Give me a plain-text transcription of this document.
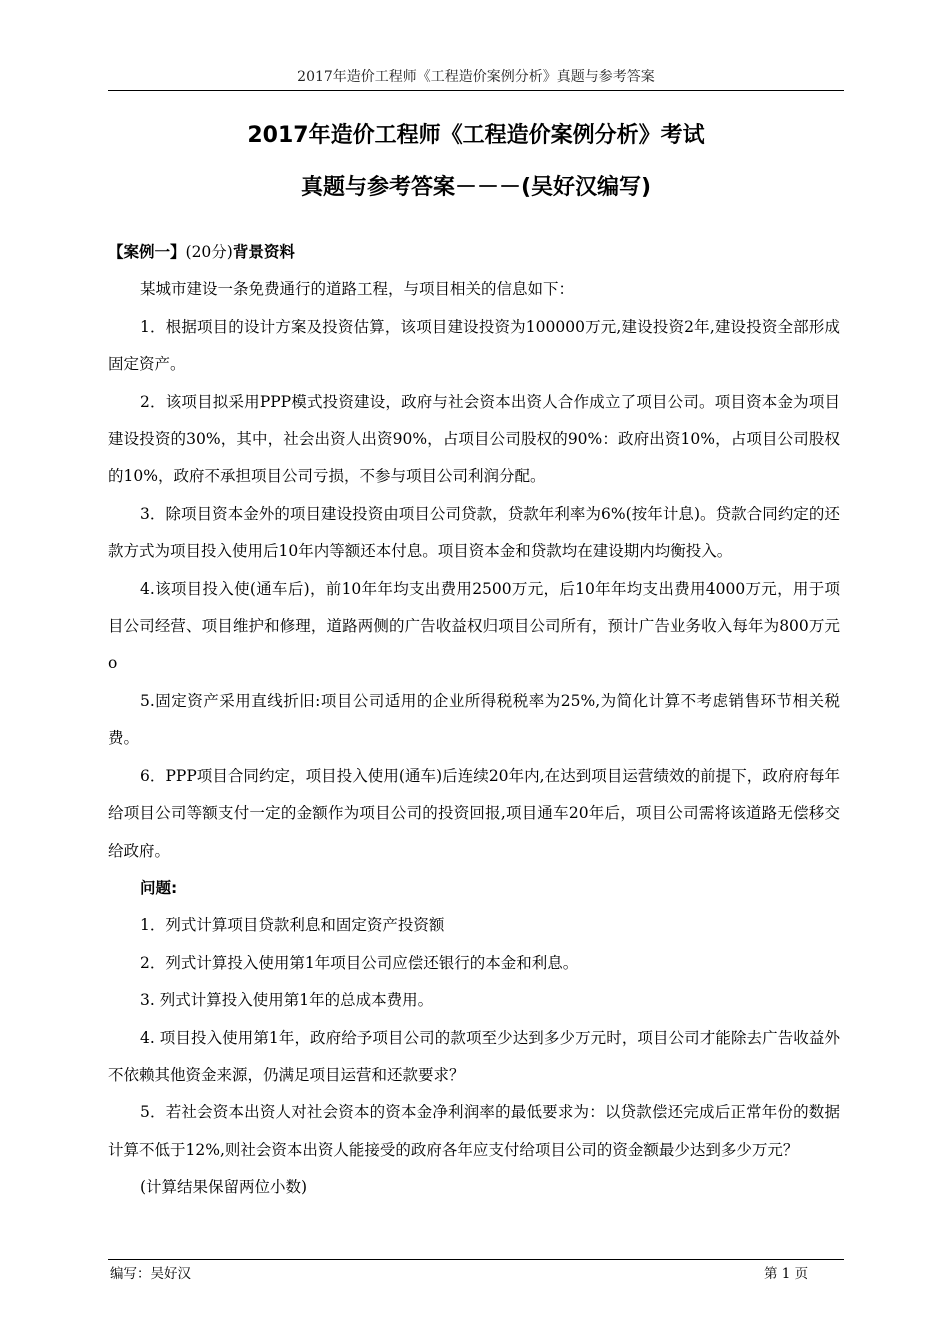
2017年造价工程师《工程造价案例分析》真题与参考答案
2017年造价工程师《工程造价案例分析》考试
真题与参考答案－－－(吴好汉编写)

【案例一】(20分)背景资料

某城市建设一条免费通行的道路工程，与项目相关的信息如下：

1．根据项目的设计方案及投资估算，该项目建设投资为100000万元,建设投资2年,建设投资全部形成固定资产。

2．该项目拟采用PPP模式投资建设，政府与社会资本出资人合作成立了项目公司。项目资本金为项目建设投资的30%，其中，社会出资人出资90%，占项目公司股权的90%：政府出资10%，占项目公司股权的10%，政府不承担项目公司亏损，不参与项目公司利润分配。

3．除项目资本金外的项目建设投资由项目公司贷款，贷款年利率为6%(按年计息)。贷款合同约定的还款方式为项目投入使用后10年内等额还本付息。项目资本金和贷款均在建设期内均衡投入。

4.该项目投入使(通车后)，前10年年均支出费用2500万元，后10年年均支出费用4000万元，用于项目公司经营、项目维护和修理，道路两侧的广告收益权归项目公司所有，预计广告业务收入每年为800万元o

5.固定资产采用直线折旧:项目公司适用的企业所得税税率为25%,为简化计算不考虑销售环节相关税费。

6．PPP项目合同约定，项目投入使用(通车)后连续20年内,在达到项目运营绩效的前提下，政府府每年给项目公司等额支付一定的金额作为项目公司的投资回报,项目通车20年后，项目公司需将该道路无偿移交给政府。

问题:

1．列式计算项目贷款利息和固定资产投资额

2．列式计算投入使用第1年项目公司应偿还银行的本金和利息。

3. 列式计算投入使用第1年的总成本费用。

4. 项目投入使用第1年，政府给予项目公司的款项至少达到多少万元时，项目公司才能除去广告收益外不依赖其他资金来源，仍满足项目运营和还款要求？

5．若社会资本出资人对社会资本的资本金净利润率的最低要求为：以贷款偿还完成后正常年份的数据计算不低于12%,则社会资本出资人能接受的政府各年应支付给项目公司的资金额最少达到多少万元？

(计算结果保留两位小数)

编写：吴好汉	第 1 页
